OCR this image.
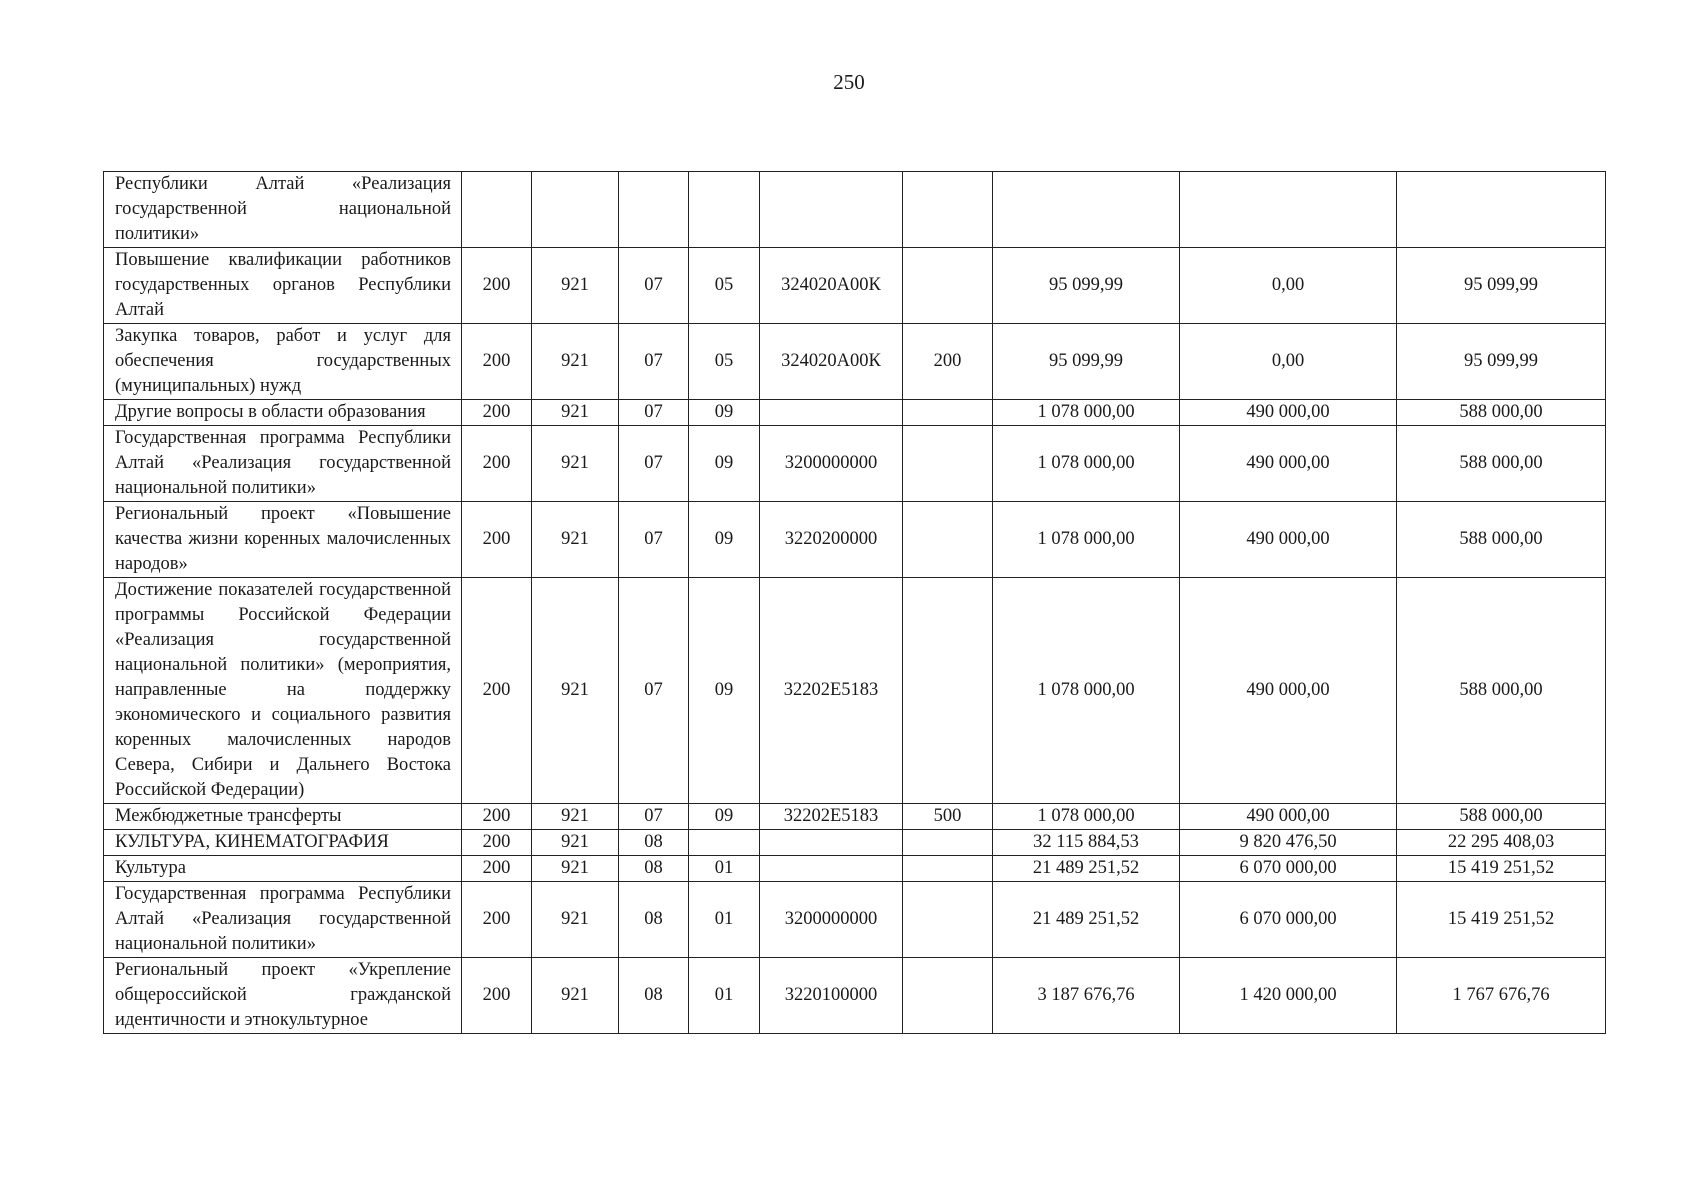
250
Республики Алтай «Реализация государственной национальной политики»									
Повышение квалификации работников государственных органов Республики Алтай	200	921	07	05	324020А00К		95 099,99	0,00	95 099,99
Закупка товаров, работ и услуг для обеспечения государственных (муниципальных) нужд	200	921	07	05	324020А00К	200	95 099,99	0,00	95 099,99
Другие вопросы в области образования	200	921	07	09			1 078 000,00	490 000,00	588 000,00
Государственная программа Республики Алтай «Реализация государственной национальной политики»	200	921	07	09	3200000000		1 078 000,00	490 000,00	588 000,00
Региональный проект «Повышение качества жизни коренных малочисленных народов»	200	921	07	09	3220200000		1 078 000,00	490 000,00	588 000,00
Достижение показателей государственной программы Российской Федерации «Реализация государственной национальной политики» (мероприятия, направленные на поддержку экономического и социального развития коренных малочисленных народов Севера, Сибири и Дальнего Востока Российской Федерации)	200	921	07	09	32202E5183		1 078 000,00	490 000,00	588 000,00
Межбюджетные трансферты	200	921	07	09	32202E5183	500	1 078 000,00	490 000,00	588 000,00
КУЛЬТУРА, КИНЕМАТОГРАФИЯ	200	921	08				32 115 884,53	9 820 476,50	22 295 408,03
Культура	200	921	08	01			21 489 251,52	6 070 000,00	15 419 251,52
Государственная программа Республики Алтай «Реализация государственной национальной политики»	200	921	08	01	3200000000		21 489 251,52	6 070 000,00	15 419 251,52
Региональный проект «Укрепление общероссийской гражданской идентичности и этнокультурное	200	921	08	01	3220100000		3 187 676,76	1 420 000,00	1 767 676,76
